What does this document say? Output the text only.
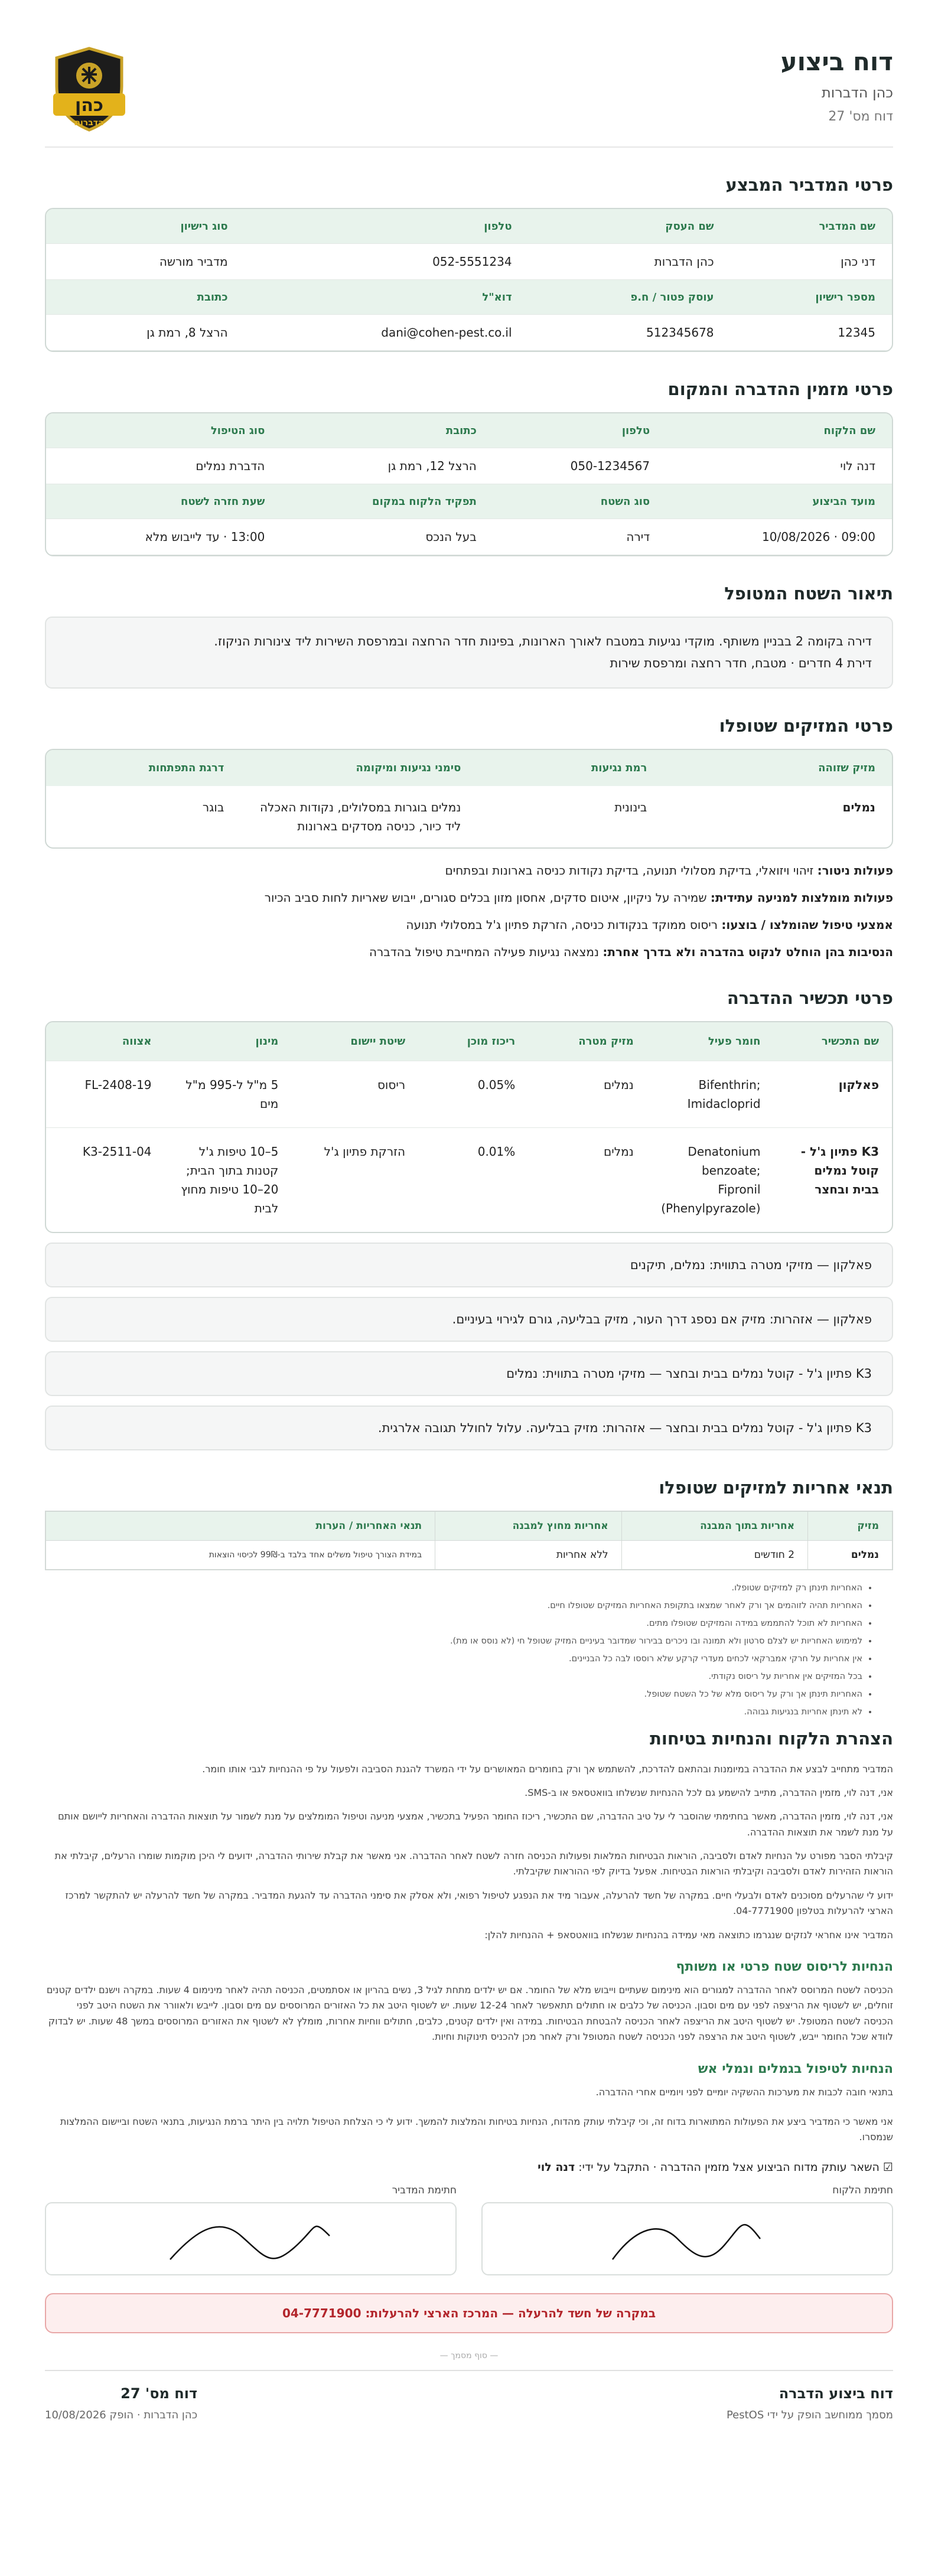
דוח ביצוע
כהן הדברות
דוח מס' 27
כהן
הדברות
פרטי המדביר המבצע
שם המדביר	שם העסק	טלפון	סוג רישיון
דני כהן	כהן הדברות	052-5551234	מדביר מורשה
מספר רישיון	עוסק פטור / ח.פ	דוא"ל	כתובת
12345	512345678	dani@cohen-pest.co.il	הרצל 8, רמת גן
פרטי מזמין ההדברה והמקום
שם הלקוח	טלפון	כתובת	סוג הטיפול
דנה לוי	050-1234567	הרצל 12, רמת גן	הדברת נמלים
מועד הביצוע	סוג השטח	תפקיד הלקוח במקום	שעת חזרה לשטח
09:00 · 10/08/2026	דירה	בעל הנכס	13:00 · עד לייבוש מלא
תיאור השטח המטופל
דירה בקומה 2 בבניין משותף. מוקדי נגיעות במטבח לאורך הארונות, בפינות חדר הרחצה ובמרפסת השירות ליד צינורות הניקוז.
דירת 4 חדרים · מטבח, חדר רחצה ומרפסת שירות
פרטי המזיקים שטופלו
מזיק שזוהה	רמת נגיעות	סימני נגיעות ומיקומה	דרגת התפתחות
נמלים	בינונית	נמלים בוגרות במסלולים, נקודות האכלה ליד כיור, כניסה מסדקים בארונות	בוגר
פעולות ניטור: זיהוי ויזואלי, בדיקת מסלולי תנועה, בדיקת נקודות כניסה בארונות ובפתחים
פעולות מומלצות למניעה עתידית: שמירה על ניקיון, איטום סדקים, אחסון מזון בכלים סגורים, ייבוש שאריות לחות סביב הכיור
אמצעי טיפול שהומלצו / בוצעו: ריסוס ממוקד בנקודות כניסה, הזרקת פתיון ג'ל במסלולי תנועה
הנסיבות בהן הוחלט לנקוט בהדברה ולא בדרך אחרת: נמצאה נגיעות פעילה המחייבת טיפול בהדברה
פרטי תכשיר ההדברה
שם התכשיר	חומר פעיל	מזיק מטרה	ריכוז מוכן	שיטת יישום	מינון	אצווה
פאלקון	Bifenthrin; Imidacloprid	נמלים	0.05%	ריסוס	5 מ"ל ל-995 מ"ל מים	FL-2408-19
K3 פתיון ג'ל - קוטל נמלים בבית ובחצר	Denatonium benzoate; Fipronil (Phenylpyrazole)	נמלים	0.01%	הזרקת פתיון ג'ל	5–10 טיפות ג'ל קטנות בתוך הבית; 20–10 טיפות מחוץ לבית	K3-2511-04
פאלקון — מזיקי מטרה בתווית: נמלים, תיקנים
פאלקון — אזהרות: מזיק אם נספג דרך העור, מזיק בבליעה, גורם לגירוי בעיניים.
K3 פתיון ג'ל - קוטל נמלים בבית ובחצר — מזיקי מטרה בתווית: נמלים
K3 פתיון ג'ל - קוטל נמלים בבית ובחצר — אזהרות: מזיק בבליעה. עלול לחולל תגובה אלרגית.
תנאי אחריות למזיקים שטופלו
מזיק	אחריות בתוך המבנה	אחריות מחוץ למבנה	תנאי האחריות / הערות
נמלים	2 חודשים	ללא אחריות	במידת הצורך טיפול משלים אחד בלבד ב-99₪ לכיסוי הוצאות
• האחריות תינתן רק למזיקים שטופלו.
• האחריות תהיה לזוהמים אך ורק לאחר שמצאו בתקופת האחריות המזיקים שטופלו חיים.
• האחריות לא תוכל להתממש במידה והמזיקים שטופלו מתים.
• למימוש האחריות יש לצלם סרטון ולא תמונה ובו ניכרים בבירור שמדובר בעיניים המזיק שטופל חי (לא נוסס או מת).
• אין אחריות על חרקי אמברקאי לכחים מעדרי קרקע שלא רוססו לבה כל הבניינים.
• בכל המזיקים אין אחריות על ריסוס נקודתי.
• האחריות תינתן אך ורק על ריסוס מלא של כל השטח שטופל.
• לא תינתן אחריות בנגיעות גבוהה.
הצהרת הלקוח והנחיות בטיחות

המדביר מתחייב לבצע את ההדברה במיומנות ובהתאם להדרכת, להשתמש אך ורק בחומרים המאושרים על ידי המשרד להגנת הסביבה ולפעול על פי ההנחיות לגבי אותו חומר.

אני, דנה לוי, מזמין ההדברה, מתייב להישמע גם לכל ההנחיות שנשלחו בוואטסאפ או ב-SMS.

אני, דנה לוי, מזמין ההדברה, מאשר בחתימתי שהוסבר לי על טיב ההדברה, שם התכשיר, ריכוז החומר הפעיל בתכשיר, אמצעי מניעה וטיפול המומלצים על מנת לשמור על תוצאות ההדברה והאחריות לייושם אותם על מנת לשמר את תוצאות ההדברה.

קיבלתי הסבר מפורט על הנחיות לאדם ולסביבה, הוראות הבטיחות המלאות ופעולות הכניסה חזרה לשטח לאחר ההדברה. אני מאשר את קבלת שירותי ההדברה, ידועים לי היכן מוקמות שומרו הרעלים, קיבלתי את הוראות הזהירות לאדם ולסביבה וקיבלתי הוראות הבטיחות. אפעל בדיוק לפי ההוראות שקיבלתי.

ידוע לי שהרעלים מסוכנים לאדם ולבעלי חיים. במקרה של חשד להרעלה, אעבור מיד את הנפגע לטיפול רפואי, ולא אסלק את סימני ההדברה עד להגעת המדביר. במקרה של חשד להרעלה יש להתקשר למרכז הארצי להרעלות בטלפון 04-7771900.

המדביר אינו אחראי לנזקים שנגרמו כתוצאה מאי עמידה בהנחיות שנשלחו בוואטסאפ + ההנחיות להלן:

הנחיות לריסוס שטח פרטי או משותף

הכניסה לשטח המרוסס לאחר ההדברה למגורים הוא מינימום שעתיים וייבוש מלא של החומר. אם יש ילדים מתחת לגיל 3, נשים בהריון או אסתמטים, הכניסה תהיה לאחר מינימום 4 שעות. במקרה וישנם ילדים קטנים זוחלים, יש לשטוף את הריצפה לפני עם מים וסבון. הכניסה של כלבים או חתולים תתאפשר לאחר 12-24 שעות. יש לשטוף היטב את כל האזורים המרוססים עם מים וסבון. לייבש ולאוורר את השטח היטב לפני הכניסה לשטח המטופל. יש לשטוף היטב את הריצפה לאחר הכניסה להבטחת הבטיחות. במידה ואין ילדים קטנים, כלבים, חתולים ווחיות אחרות, מומלץ לא לשטוף את האזורים המרוססים במשך 48 שעות. יש לבדוק לוודא שכל החומר ייבש, לשטוף היטב את הרצפה לפני הכניסה לשטח המטופל ורק לאחר מכן להכניס תינוקות וחיות.

הנחיות לטיפול בגמלים ונמלי אש

בתנאי חובה לכבות את מערכות ההשקיה יומיים לפני ויומיים אחרי ההדברה.

אני מאשר כי המדביר ביצע את הפעולות המתוארות בדוח זה, וכי קיבלתי עותק מהדוח, הנחיות בטיחות והמלצות להמשך. ידוע לי כי הצלחת הטיפול תלויה בין היתר ברמת הנגיעות, בתנאי השטח וביישום ההמלצות שנמסרו.

☑ השאר עותק מדוח הביצוע אצל מזמין ההדברה · התקבל על ידי: דנה לוי
חתימת הלקוח
חתימת המדביר
במקרה של חשד להרעלה — המרכז הארצי להרעלות: 04-7771900
— סוף מסמך —
דוח ביצוע הדברה
מסמך ממוחשב הופק על ידי PestOS
דוח מס' 27
כהן הדברות · הופק 10/08/2026
